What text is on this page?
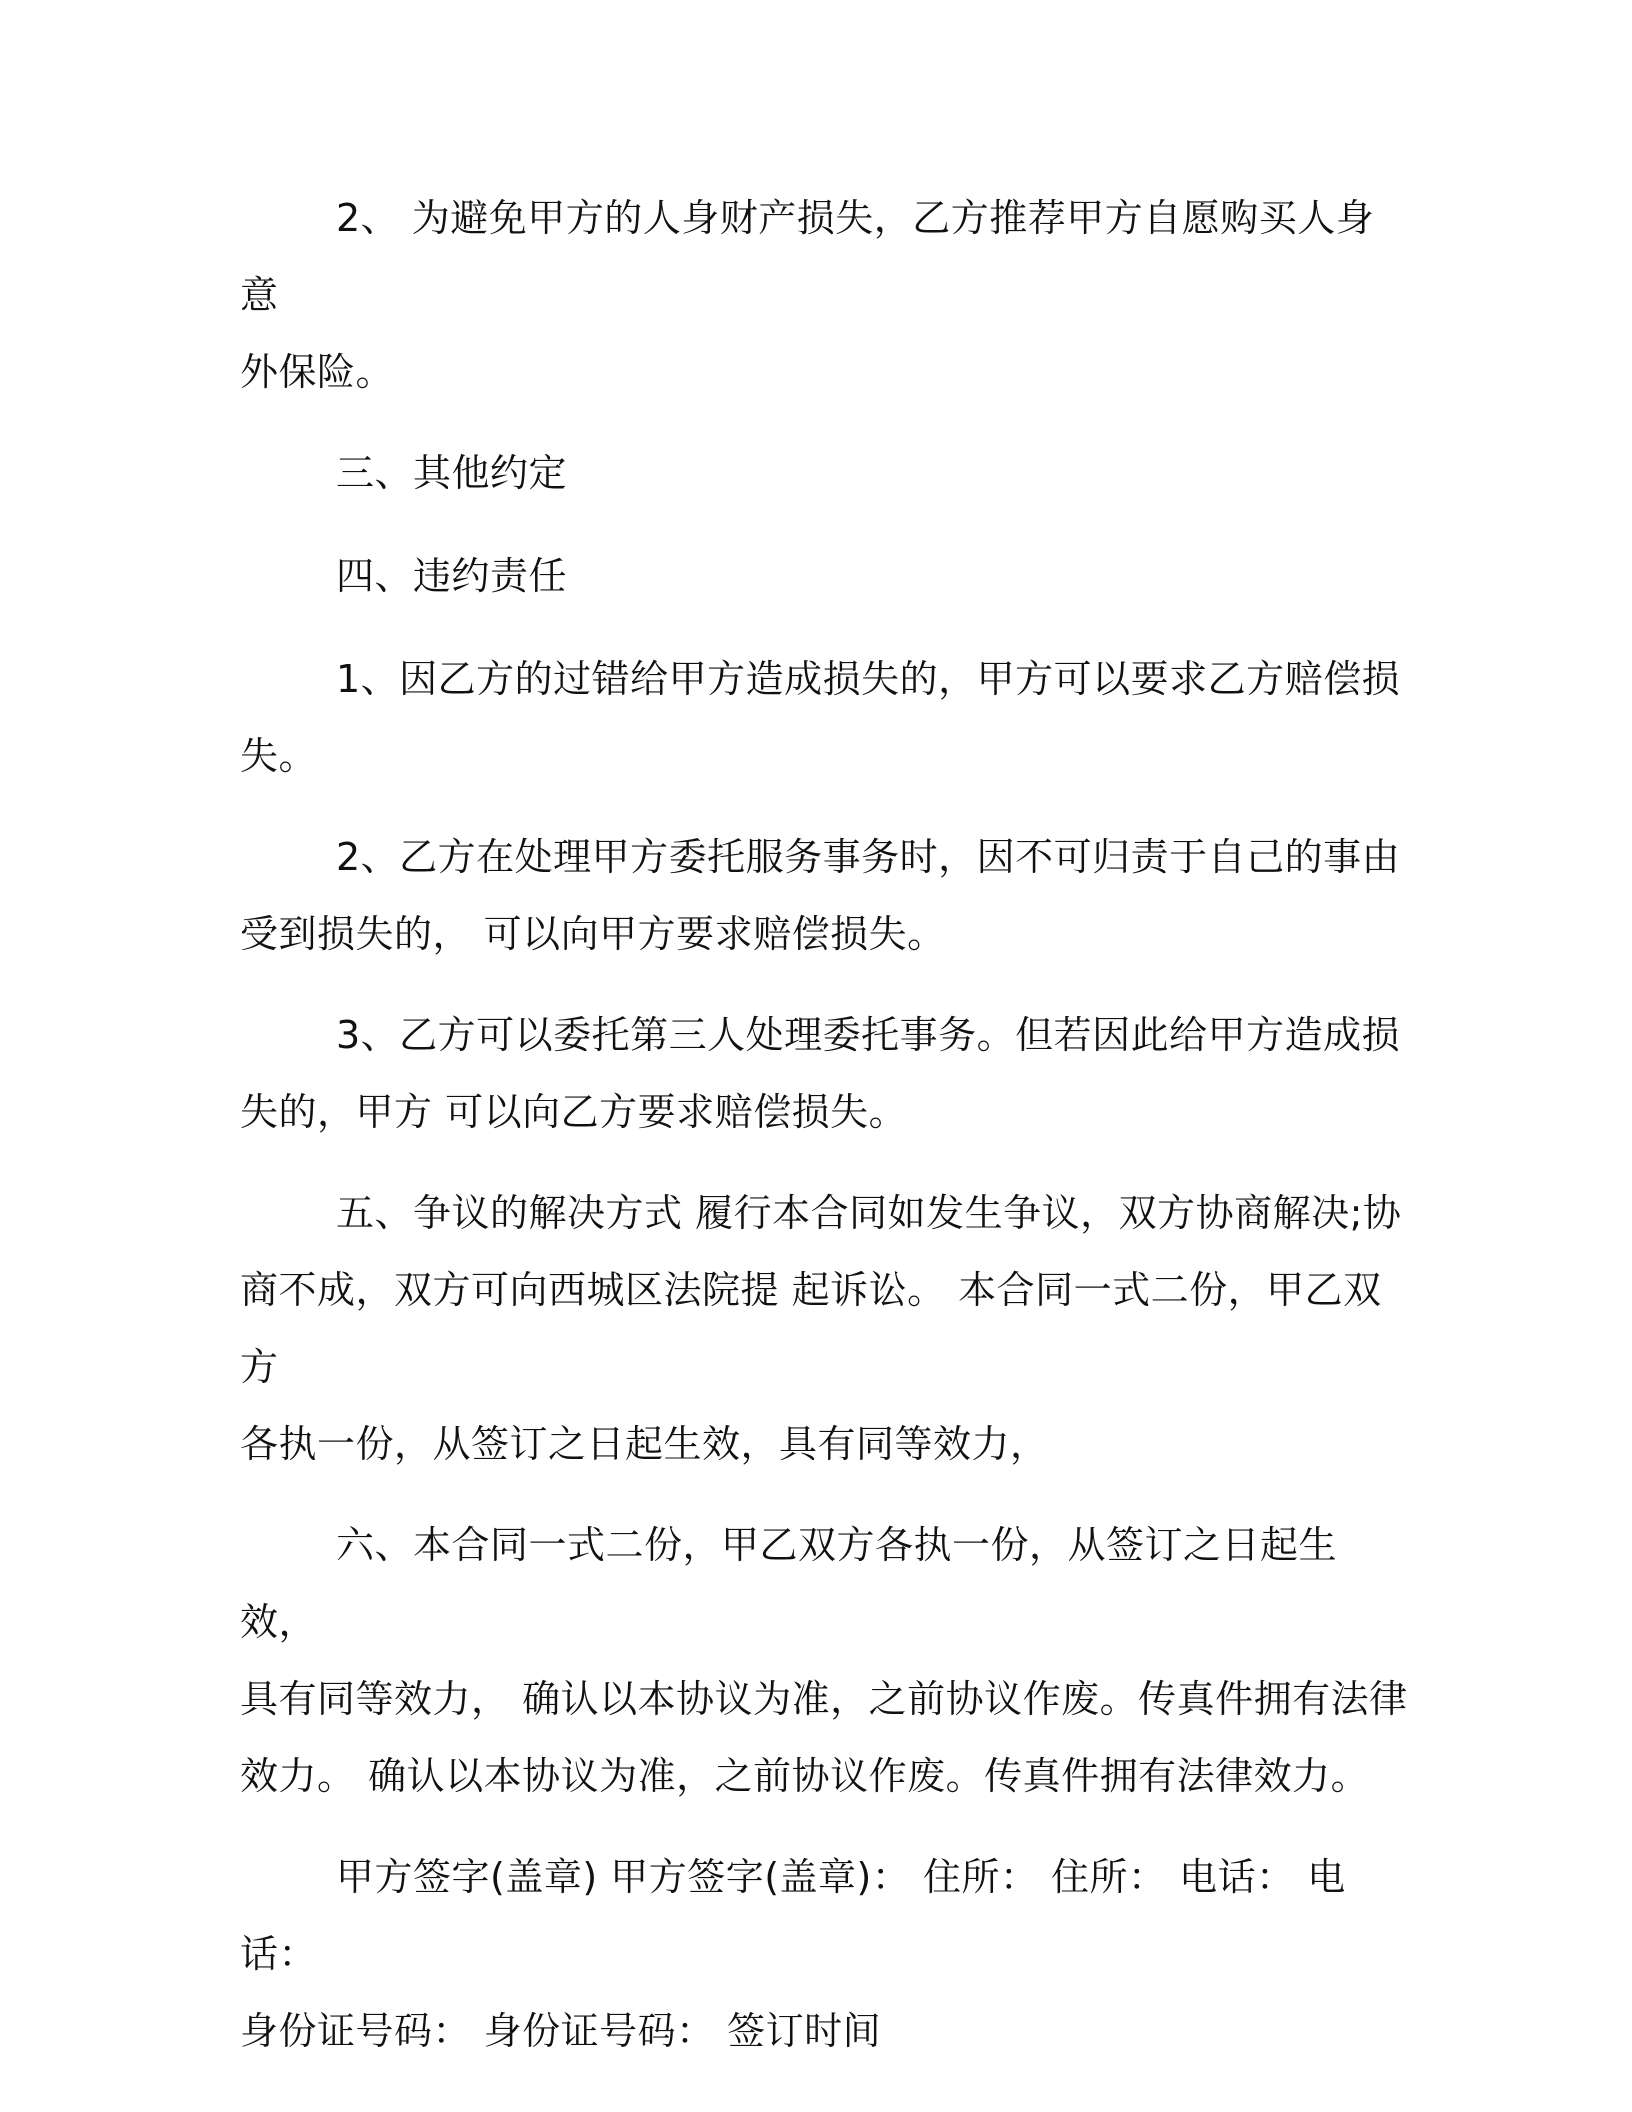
2、 为避免甲方的人身财产损失，乙方推荐甲方自愿购买人身意
外保险。

三、其他约定

四、违约责任

1、因乙方的过错给甲方造成损失的，甲方可以要求乙方赔偿损
失。

2、乙方在处理甲方委托服务事务时，因不可归责于自己的事由
受到损失的， 可以向甲方要求赔偿损失。

3、乙方可以委托第三人处理委托事务。但若因此给甲方造成损
失的，甲方 可以向乙方要求赔偿损失。

五、争议的解决方式 履行本合同如发生争议，双方协商解决;协
商不成，双方可向西城区法院提 起诉讼。 本合同一式二份，甲乙双方
各执一份，从签订之日起生效，具有同等效力，

六、本合同一式二份，甲乙双方各执一份，从签订之日起生效，
具有同等效力， 确认以本协议为准，之前协议作废。传真件拥有法律
效力。 确认以本协议为准，之前协议作废。传真件拥有法律效力。

甲方签字(盖章) 甲方签字(盖章)： 住所： 住所： 电话： 电话：
身份证号码： 身份证号码： 签订时间
